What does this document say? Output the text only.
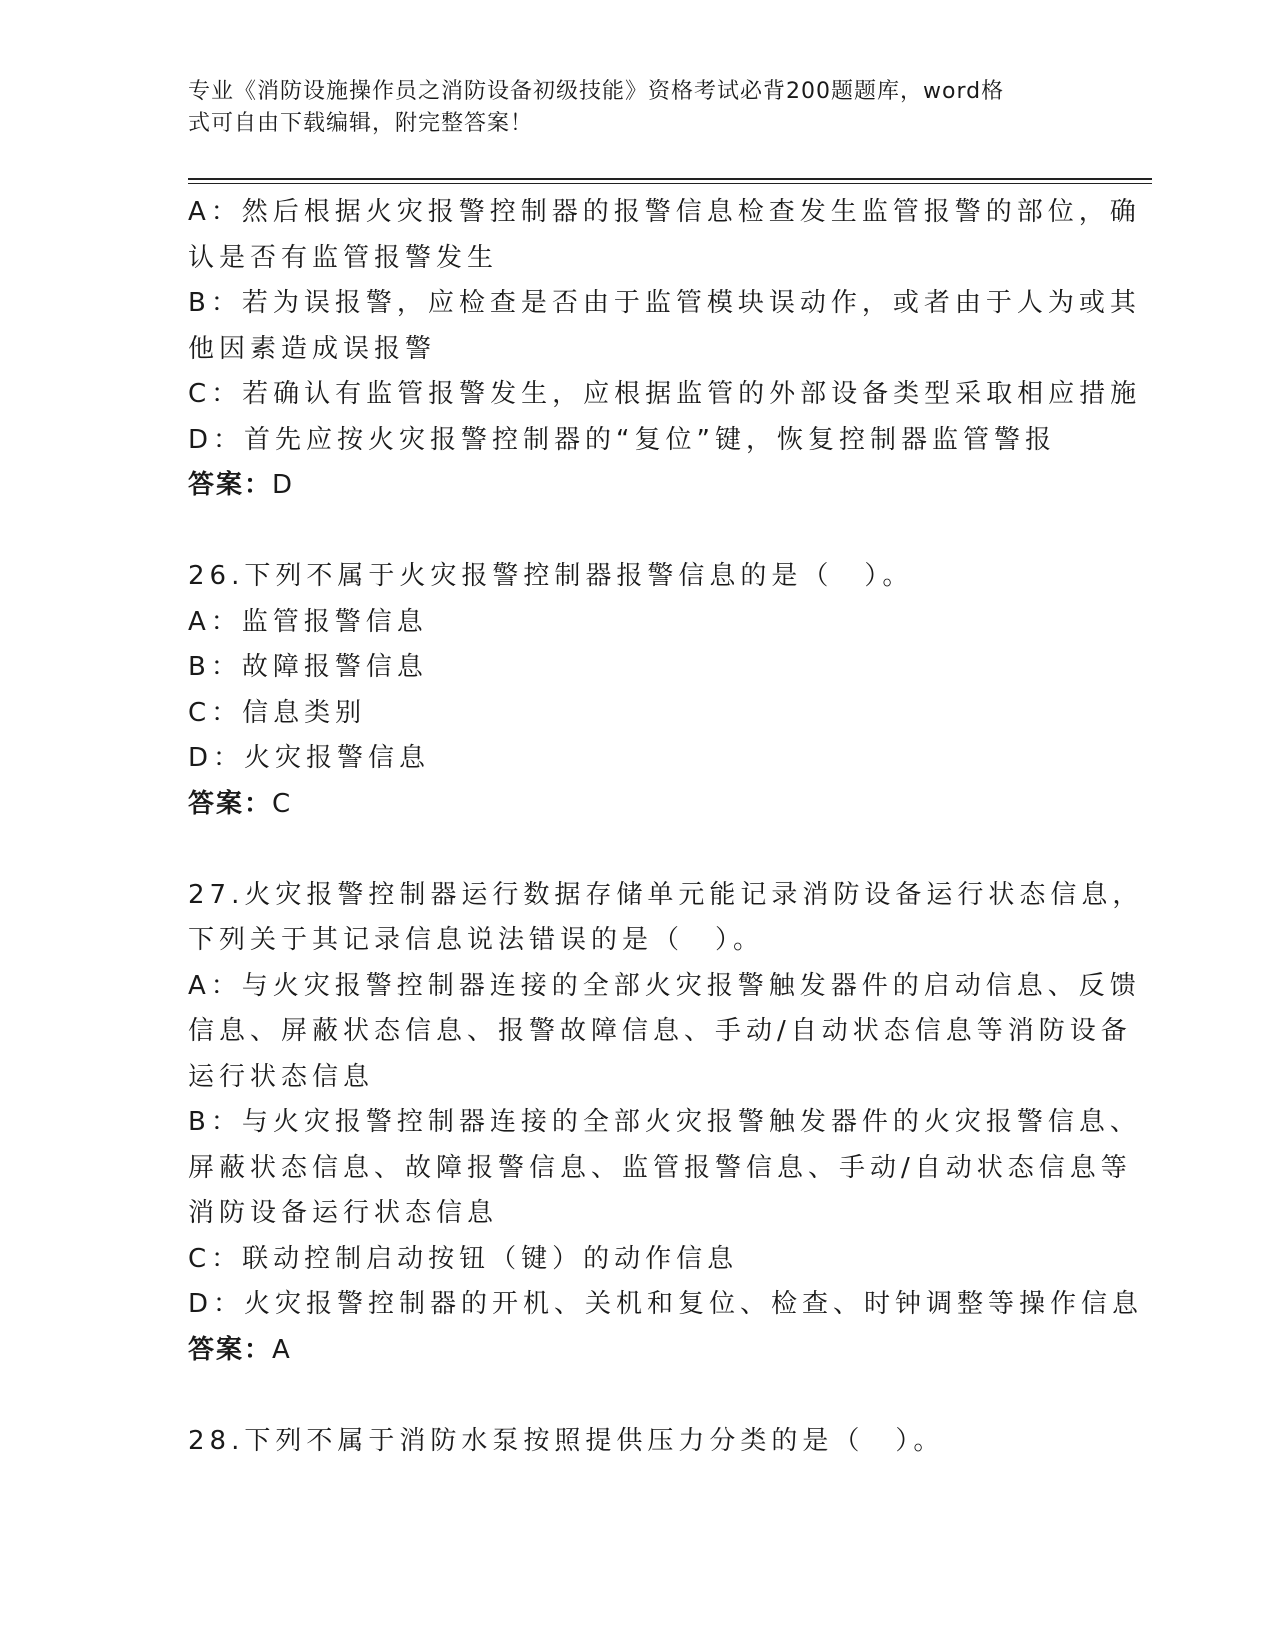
专业《消防设施操作员之消防设备初级技能》资格考试必背200题题库，word格
式可自由下载编辑，附完整答案！
A：然后根据火灾报警控制器的报警信息检查发生监管报警的部位，确
认是否有监管报警发生
B：若为误报警，应检查是否由于监管模块误动作，或者由于人为或其
他因素造成误报警
C：若确认有监管报警发生，应根据监管的外部设备类型采取相应措施
D：首先应按火灾报警控制器的“复位”键，恢复控制器监管警报
答案：D
26.下列不属于火灾报警控制器报警信息的是（　）。
A：监管报警信息
B：故障报警信息
C：信息类别
D：火灾报警信息
答案：C
27.火灾报警控制器运行数据存储单元能记录消防设备运行状态信息，
下列关于其记录信息说法错误的是（　）。
A：与火灾报警控制器连接的全部火灾报警触发器件的启动信息、反馈
信息、屏蔽状态信息、报警故障信息、手动/自动状态信息等消防设备
运行状态信息
B：与火灾报警控制器连接的全部火灾报警触发器件的火灾报警信息、
屏蔽状态信息、故障报警信息、监管报警信息、手动/自动状态信息等
消防设备运行状态信息
C：联动控制启动按钮（键）的动作信息
D：火灾报警控制器的开机、关机和复位、检查、时钟调整等操作信息
答案：A
28.下列不属于消防水泵按照提供压力分类的是（　）。
